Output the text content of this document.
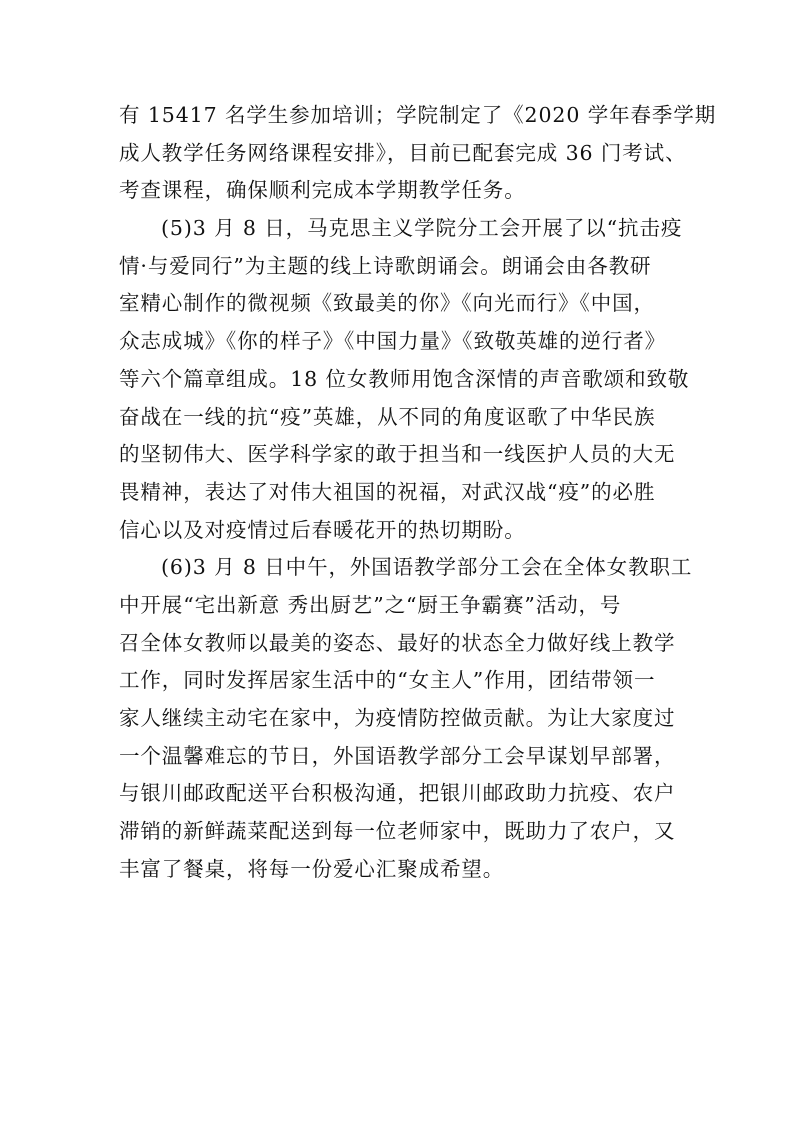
有 15417 名学生参加培训；学院制定了《2020 学年春季学期
成人教学任务网络课程安排》，目前已配套完成 36 门考试、
考查课程，确保顺利完成本学期教学任务。
(5)3 月 8 日，马克思主义学院分工会开展了以“抗击疫
情·与爱同行”为主题的线上诗歌朗诵会。朗诵会由各教研
室精心制作的微视频《致最美的你》《向光而行》《中国，
众志成城》《你的样子》《中国力量》《致敬英雄的逆行者》
等六个篇章组成。18 位女教师用饱含深情的声音歌颂和致敬
奋战在一线的抗“疫”英雄，从不同的角度讴歌了中华民族
的坚韧伟大、医学科学家的敢于担当和一线医护人员的大无
畏精神，表达了对伟大祖国的祝福，对武汉战“疫”的必胜
信心以及对疫情过后春暖花开的热切期盼。
(6)3 月 8 日中午，外国语教学部分工会在全体女教职工
中开展“宅出新意 秀出厨艺”之“厨王争霸赛”活动，号
召全体女教师以最美的姿态、最好的状态全力做好线上教学
工作，同时发挥居家生活中的“女主人”作用，团结带领一
家人继续主动宅在家中，为疫情防控做贡献。为让大家度过
一个温馨难忘的节日，外国语教学部分工会早谋划早部署，
与银川邮政配送平台积极沟通，把银川邮政助力抗疫、农户
滞销的新鲜蔬菜配送到每一位老师家中，既助力了农户，又
丰富了餐桌，将每一份爱心汇聚成希望。
